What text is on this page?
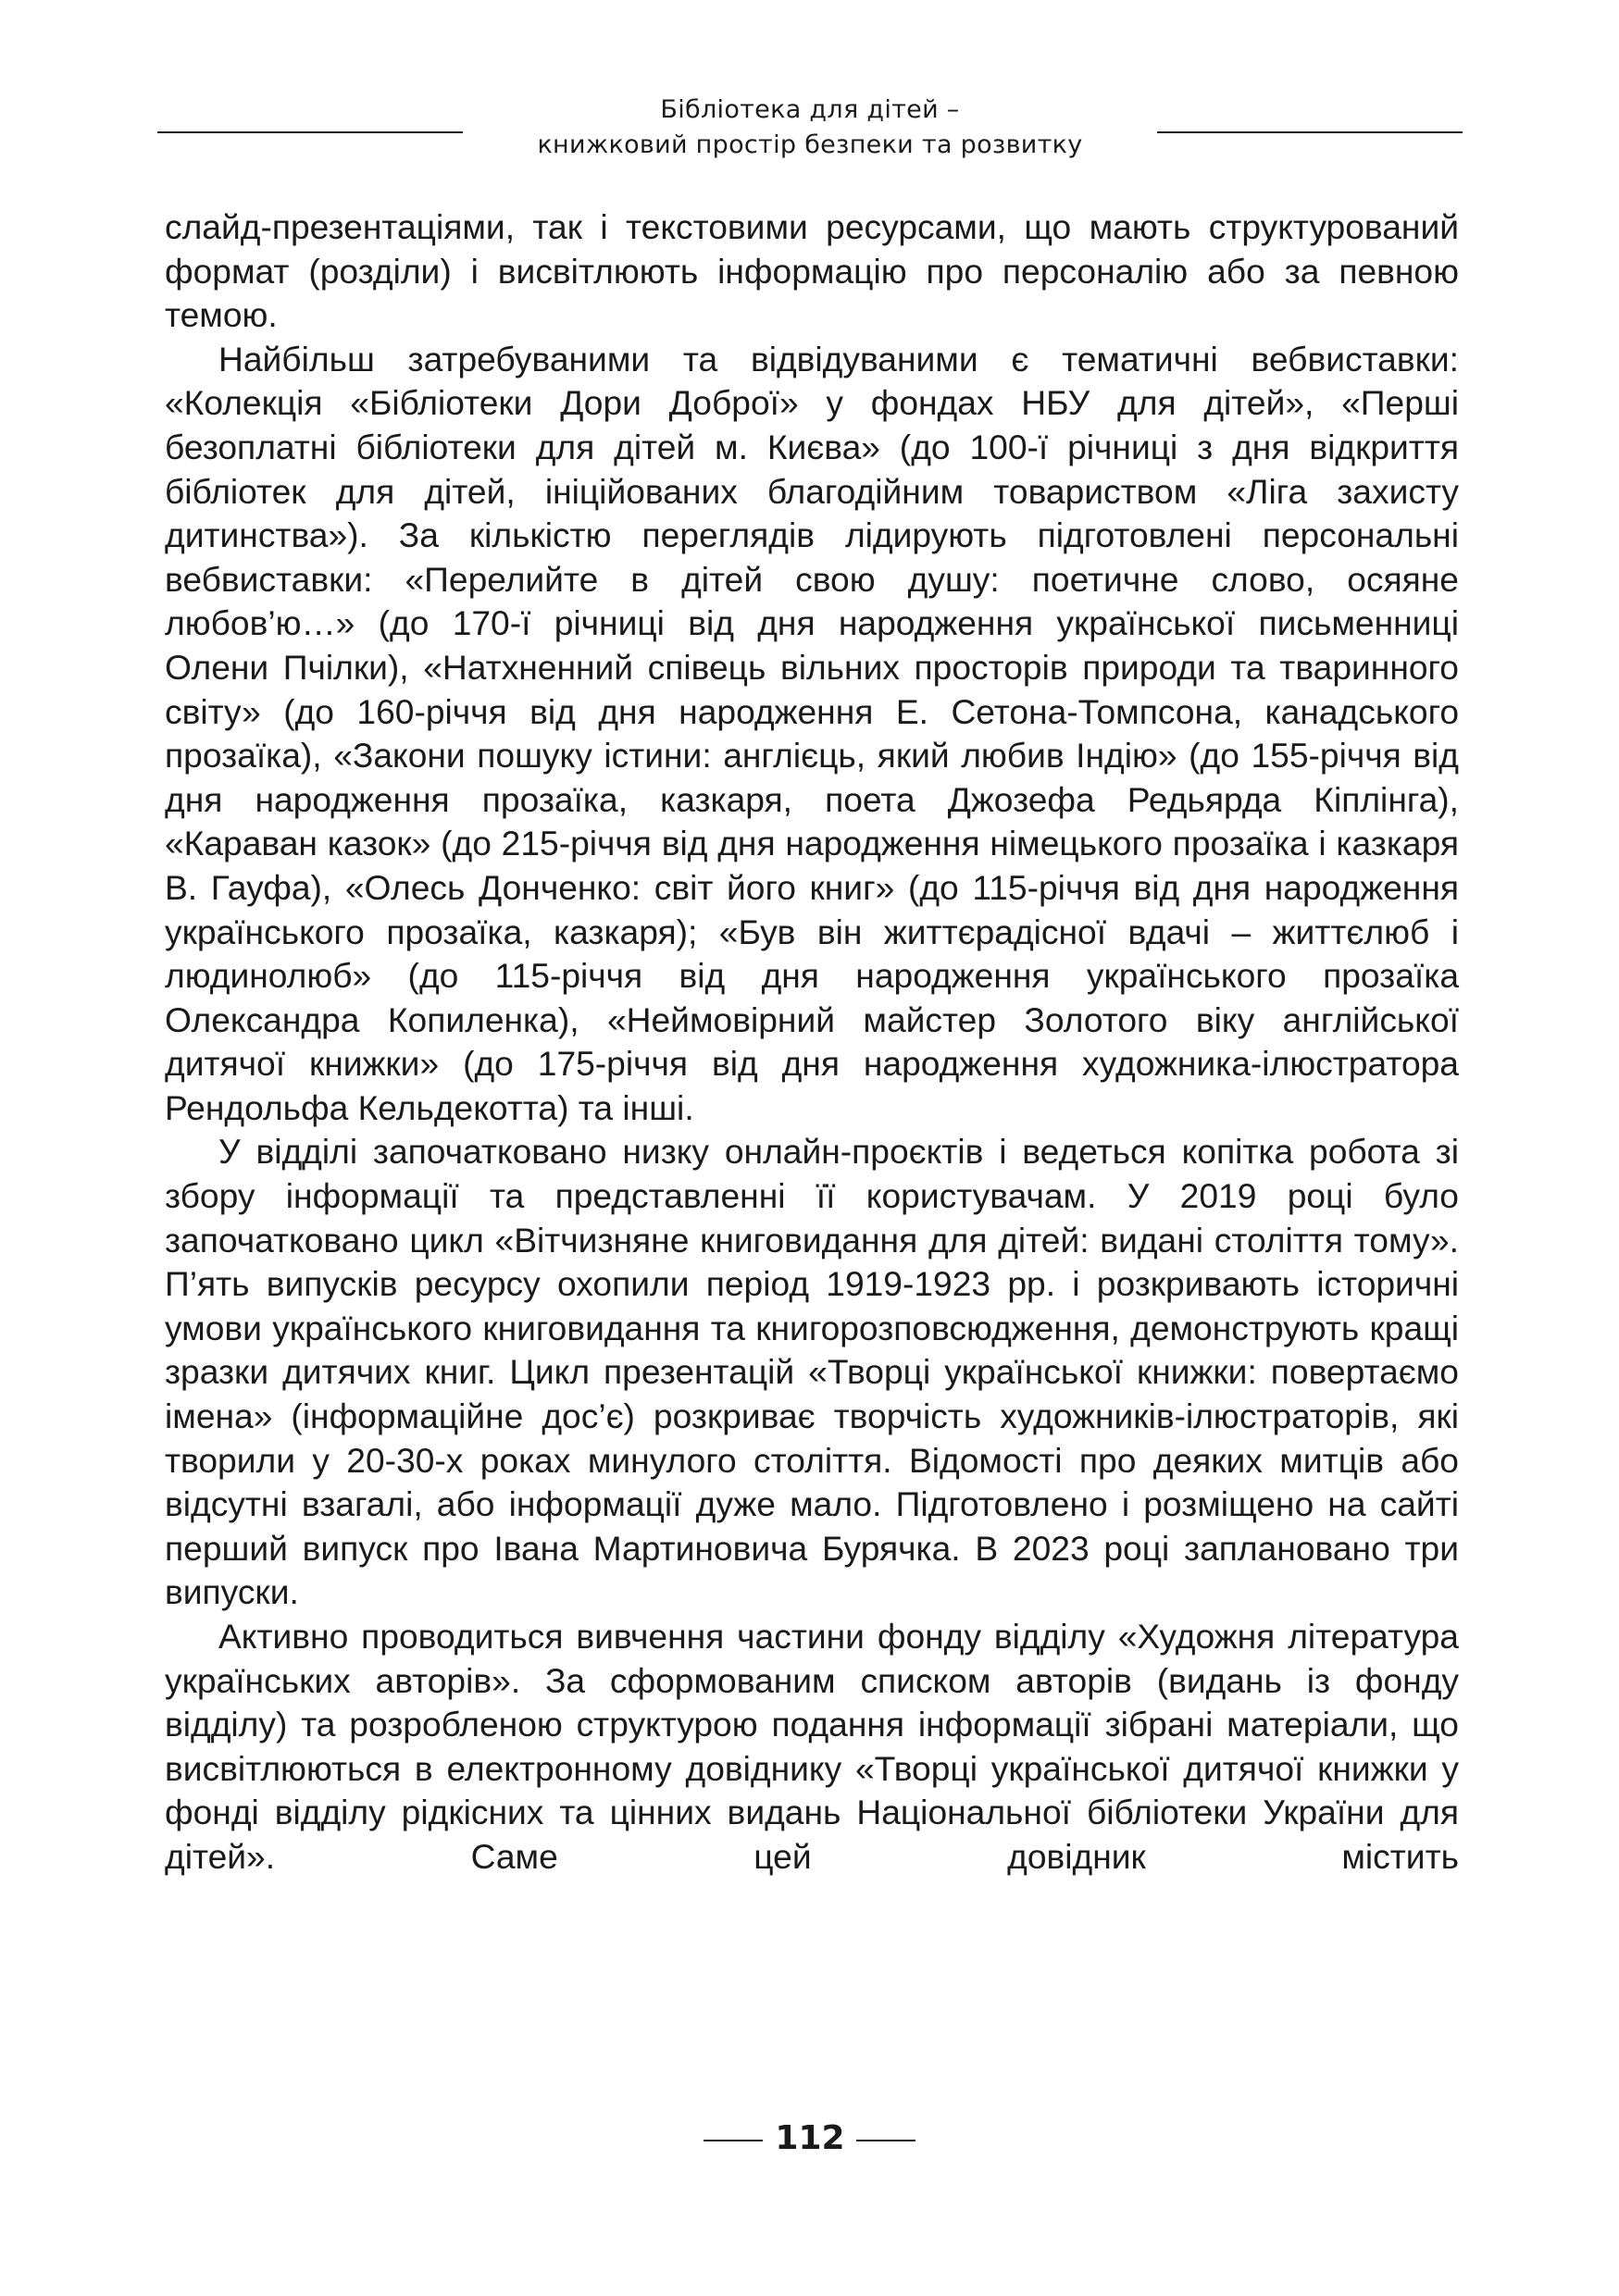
Бібліотека для дітей –
книжковий простір безпеки та розвитку

слайд-презентаціями, так і текстовими ресурсами, що мають структурований формат (розділи) і висвітлюють інформацію про персоналію або за певною темою.

Найбільш затребуваними та відвідуваними є тематичні вебвиставки: «Колекція «Бібліотеки Дори Доброї» у фондах НБУ для дітей», «Перші безоплатні бібліотеки для дітей м. Києва» (до 100-ї річниці з дня відкриття бібліотек для дітей, ініційованих благодійним товариством «Ліга захисту дитинства»). За кількістю переглядів лідирують підготовлені персональні вебвиставки: «Перелийте в дітей свою душу: поетичне слово, осяяне любов’ю…» (до 170-ї річниці від дня народження української письменниці Олени Пчілки), «Натхненний співець вільних просторів природи та тваринного світу» (до 160-річчя від дня народження Е. Сетона-Томпсона, канадського прозаїка), «Закони пошуку істини: англієць, який любив Індію» (до 155-річчя від дня народження прозаїка, казкаря, поета Джозефа Редьярда Кіплінга), «Караван казок» (до 215-річчя від дня народження німецького прозаїка і казкаря В. Гауфа), «Олесь Донченко: світ його книг» (до 115-річчя від дня народження українського прозаїка, казкаря); «Був він життєрадісної вдачі – життєлюб і людинолюб» (до 115-річчя від дня народження українського прозаїка Олександра Копиленка), «Неймовірний майстер Золотого віку англійської дитячої книжки» (до 175-річчя від дня народження художника-ілюстратора Рендольфа Кельдекотта) та інші.

У відділі започатковано низку онлайн-проєктів і ведеться копітка робота зі збору інформації та представленні її користувачам. У 2019 році було започатковано цикл «Вітчизняне книговидання для дітей: видані століття тому». П’ять випусків ресурсу охопили період 1919-1923 рр. і розкривають історичні умови українського книговидання та книгорозповсюдження, демонструють кращі зразки дитячих книг. Цикл презентацій «Творці української книжки: повертаємо імена» (інформаційне дос’є) розкриває творчість художників-ілюстраторів, які творили у 20-30-х роках минулого століття. Відомості про деяких митців або відсутні взагалі, або інформації дуже мало. Підготовлено і розміщено на сайті перший випуск про Івана Мартиновича Бурячка. В 2023 році заплановано три випуски.

Активно проводиться вивчення частини фонду відділу «Художня література українських авторів». За сформованим списком авторів (видань із фонду відділу) та розробленою структурою подання інформації зібрані матеріали, що висвітлюються в електронному довіднику «Творці української дитячої книжки у фонді відділу рідкісних та цінних видань Національної бібліотеки України для дітей». Саме цей довідник містить

112
